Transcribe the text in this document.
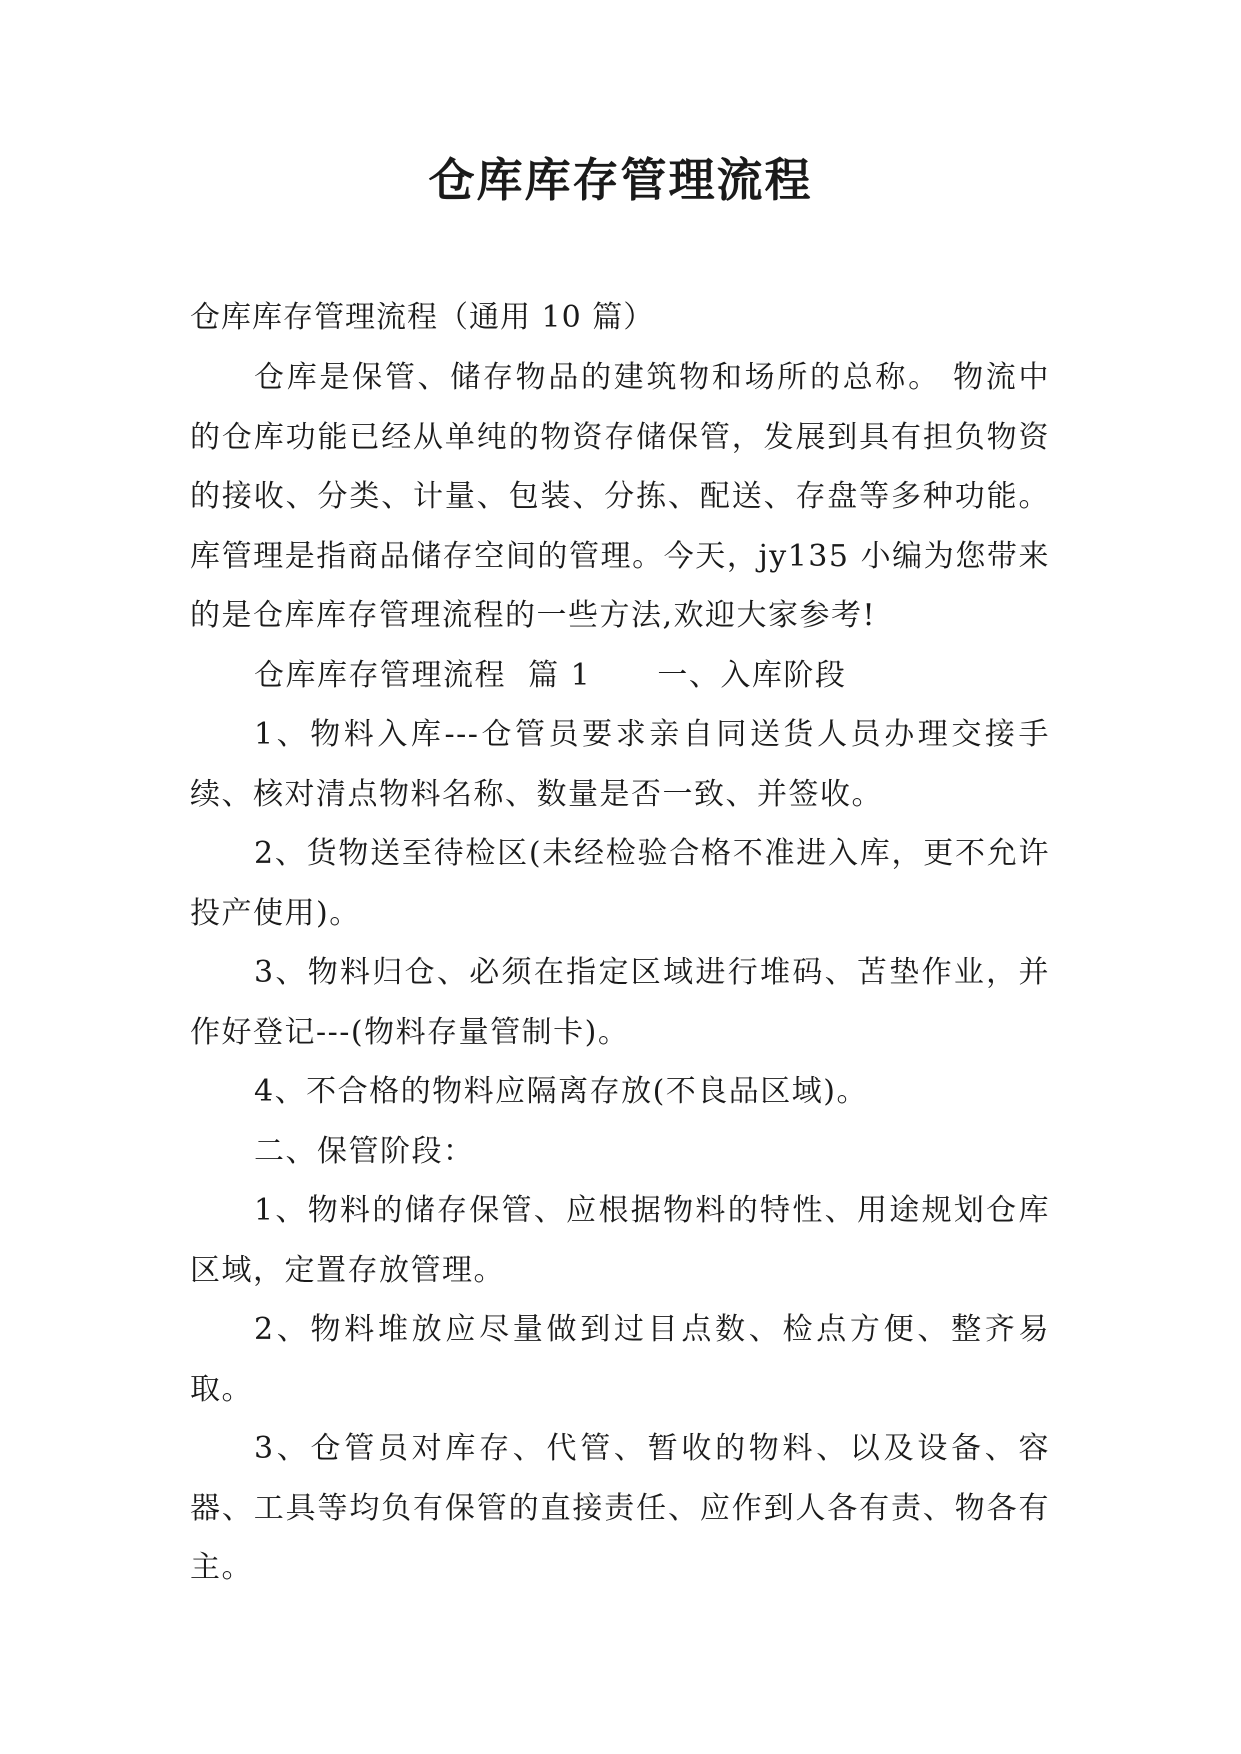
仓库库存管理流程

仓库库存管理流程（通用 10 篇）

仓库是保管、储存物品的建筑物和场所的总称。 物流中的仓库功能已经从单纯的物资存储保管，发展到具有担负物资的接收、分类、计量、包装、分拣、配送、存盘等多种功能。库管理是指商品储存空间的管理。今天，jy135 小编为您带来的是仓库库存管理流程的一些方法,欢迎大家参考!

仓库库存管理流程  篇 1      一、入库阶段

1、物料入库---仓管员要求亲自同送货人员办理交接手续、核对清点物料名称、数量是否一致、并签收。

2、货物送至待检区(未经检验合格不准进入库，更不允许投产使用)。

3、物料归仓、必须在指定区域进行堆码、苫垫作业，并作好登记---(物料存量管制卡)。

4、不合格的物料应隔离存放(不良品区域)。

二、保管阶段：

1、物料的储存保管、应根据物料的特性、用途规划仓库区域，定置存放管理。

2、物料堆放应尽量做到过目点数、检点方便、整齐易取。

3、仓管员对库存、代管、暂收的物料、以及设备、容器、工具等均负有保管的直接责任、应作到人各有责、物各有主。
